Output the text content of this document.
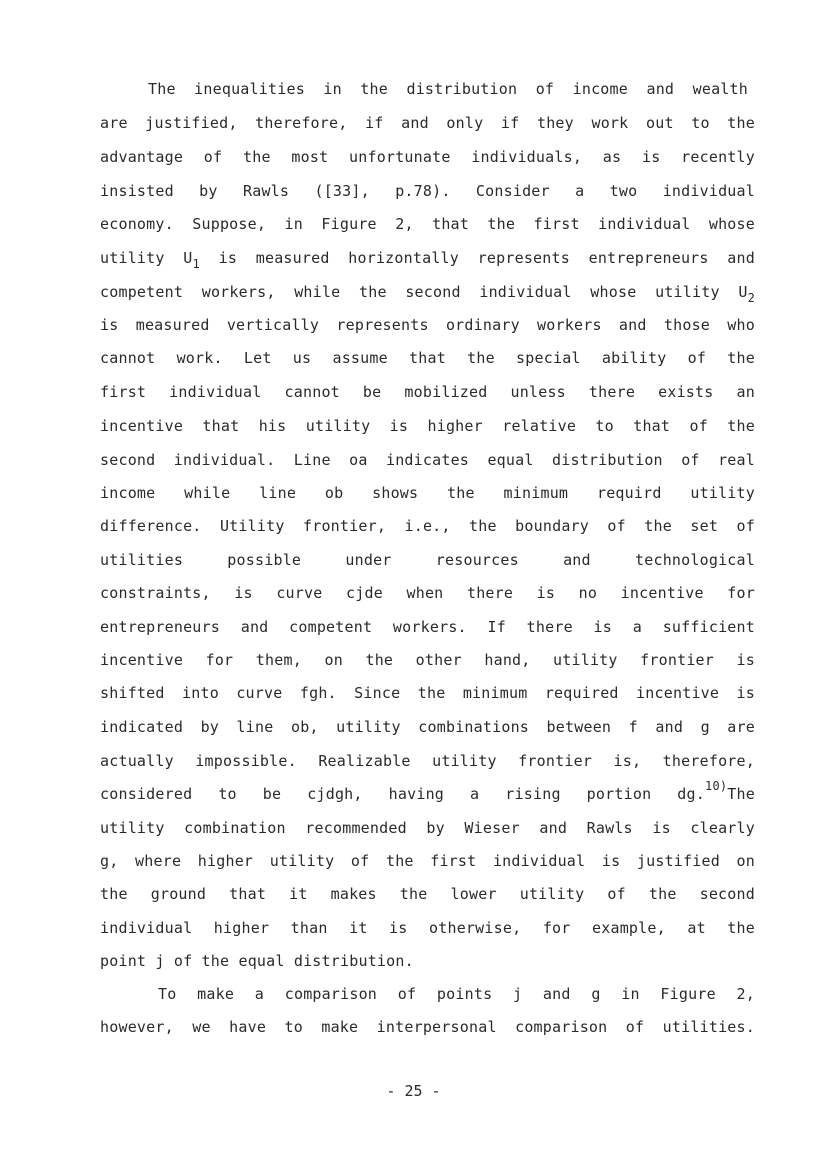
The inequalities in the distribution of income and wealth
are justified, therefore, if and only if they work out to the
advantage of the most unfortunate individuals, as is recently
insisted by Rawls ([33], p.78). Consider a two individual
economy. Suppose, in Figure 2, that the first individual whose
utility $U_1$ is measured horizontally represents entrepreneurs and
competent workers, while the second individual whose utility $U_2$
is measured vertically represents ordinary workers and those who
cannot work. Let us assume that the special ability of the
first individual cannot be mobilized unless there exists an
incentive that his utility is higher relative to that of the
second individual. Line oa indicates equal distribution of real
income while line ob shows the minimum requird utility
difference. Utility frontier, i.e., the boundary of the set of
utilities possible under resources and technological
constraints, is curve cjde when there is no incentive for
entrepreneurs and competent workers. If there is a sufficient
incentive for them, on the other hand, utility frontier is
shifted into curve fgh. Since the minimum required incentive is
indicated by line ob, utility combinations between f and g are
actually impossible. Realizable utility frontier is, therefore,
considered to be cjdgh, having a rising portion dg.$^{10)}$The
utility combination recommended by Wieser and Rawls is clearly
g, where higher utility of the first individual is justified on
the ground that it makes the lower utility of the second
individual higher than it is otherwise, for example, at the
point j of the equal distribution.
To make a comparison of points j and g in Figure 2,
however, we have to make interpersonal comparison of utilities.
- 25 -
